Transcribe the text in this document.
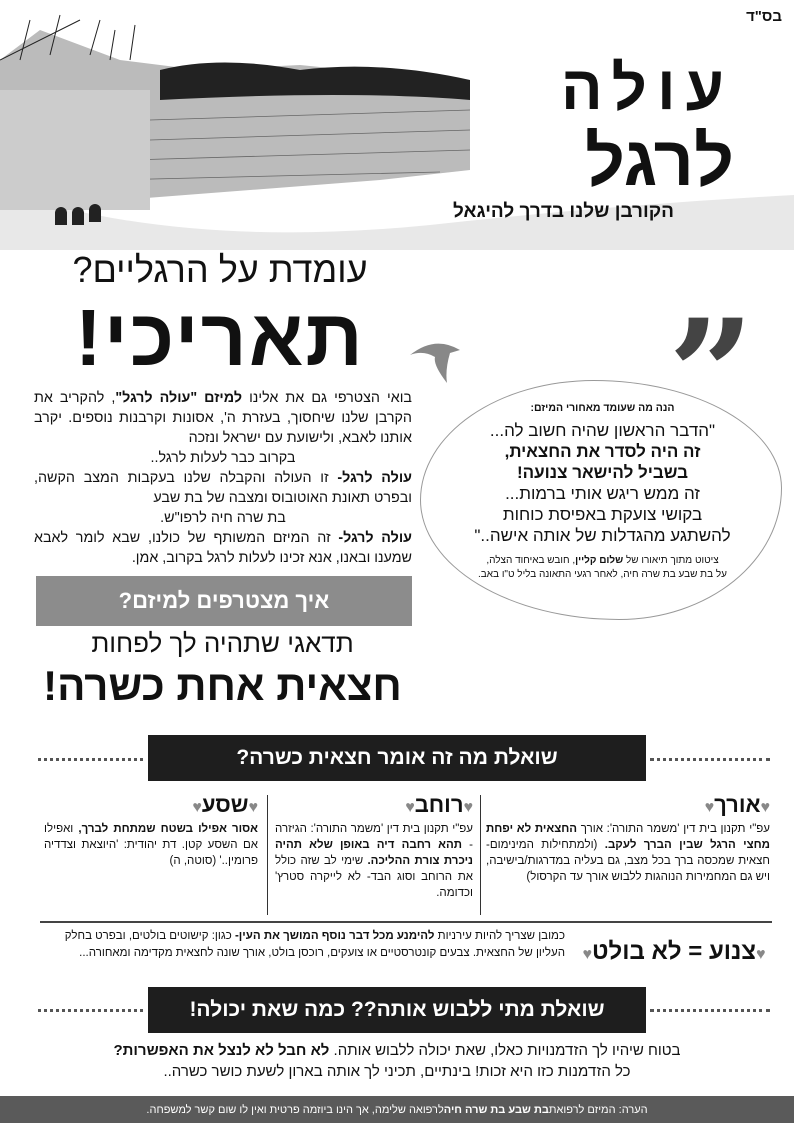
בס"ד
עולה
לרגל
הקורבן שלנו בדרך להיגאל
עומדת על הרגליים?
תאריכי!

בואי הצטרפי גם את אלינו למיזם "עולה לרגל", להקריב את הקרבן שלנו שיחסוך, בעזרת ה', אסונות וקרבנות נוספים. יקרב אותנו לאבא, ולישועת עם ישראל ונזכה

בקרוב כבר לעלות לרגל..

עולה לרגל- זו העולה והקבלה שלנו בעקבות המצב הקשה, ובפרט תאונת האוטובוס ומצבה של בת שבע

בת שרה חיה לרפו"ש.

עולה לרגל- זה המיזם המשותף של כולנו, שבא לומר לאבא שמענו ובאנו, אנא זכינו לעלות לרגל בקרוב, אמן.

איך מצטרפים למיזם?
תדאגי שתהיה לך לפחות
חצאית אחת כשרה!
”
הנה מה שעומד מאחורי המיזם:
"הדבר הראשון שהיה חשוב לה...
זה היה לסדר את החצאית,
בשביל להישאר צנועה!
זה ממש ריגש אותי ברמות...
בקושי צועקת באפיסת כוחות
להשתגע מהגדלות של אותה אישה.."
ציטוט מתוך תיאורו של שלום קליין, חובש באיחוד הצלה,
על בת שבע בת שרה חיה, לאחר רגעי התאונה בליל ט"ו באב.
שואלת מה זה אומר חצאית כשרה?
♥אורך♥
עפ"י תקנון בית דין 'משמר התורה': אורך החצאית לא יפחת מחצי הרגל שבין הברך לעקב. (ולמתחילות המינימום- חצאית שמכסה ברך בכל מצב, גם בעליה במדרגות/בישיבה, ויש גם המחמירות הנוהגות ללבוש אורך עד הקרסול)
♥רוחב♥
עפ"י תקנון בית דין 'משמר התורה': הגיזרה - תהא רחבה דיה באופן שלא תהיה ניכרת צורת ההליכה. שימי לב שזה כולל את הרוחב וסוג הבד- לא לייקרה סטרץ' וכדומה.
♥שסע♥
אסור אפילו בשטח שמתחת לברך, ואפילו אם השסע קטן. דת יהודית: 'היוצאת וצדדיה פרומין..' (סוטה, ה)
♥צנוע = לא בולט♥
כמובן שצריך להיות עירניות להימנע מכל דבר נוסף המושך את העין- כגון: קישוטים בולטים, ובפרט בחלק העליון של החצאית. צבעים קונטרסטיים או צועקים, רוכסן בולט, אורך שונה לחצאית מקדימה ומאחורה...
שואלת מתי ללבוש אותה?? כמה שאת יכולה!
בטוח שיהיו לך הזדמנויות כאלו, שאת יכולה ללבוש אותה. לא חבל לא לנצל את האפשרות?
כל הזדמנות כזו היא זכות! בינתיים, תכיני לך אותה בארון לשעת כושר כשרה..
הערה: המיזם לרפואת
בת שבע בת שרה חיה
לרפואה שלימה, אך הינו ביוזמה פרטית ואין לו שום קשר למשפחה.
